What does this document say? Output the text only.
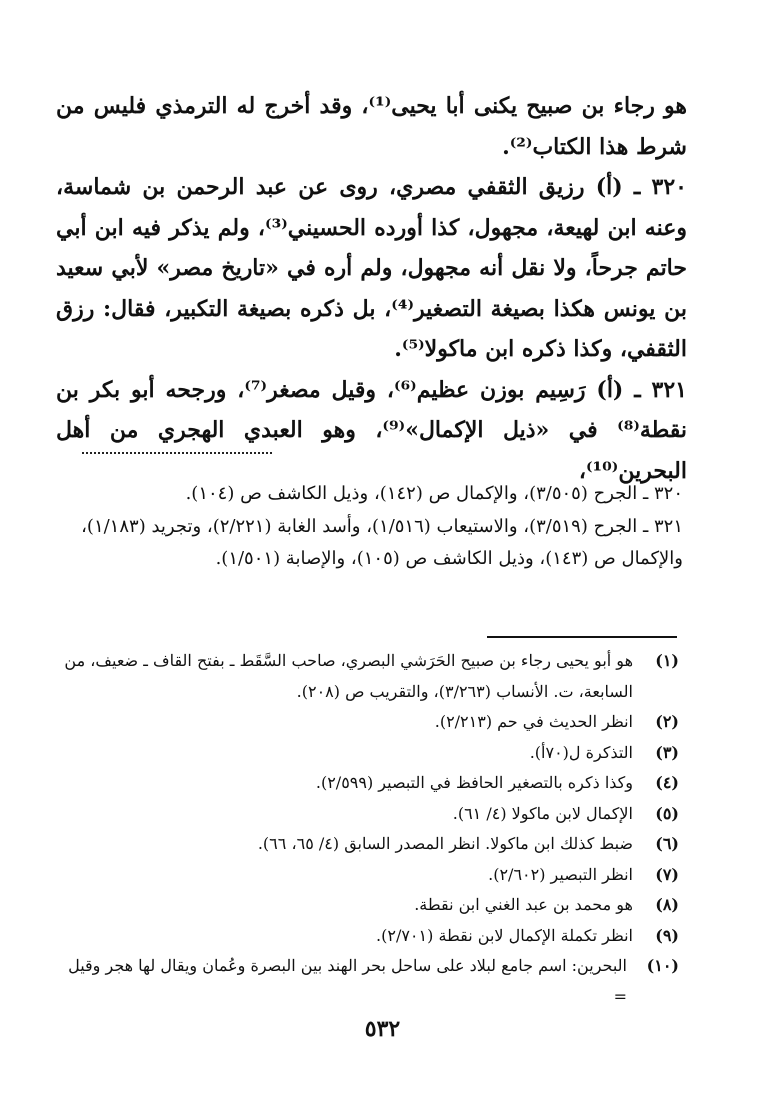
هو رجاء بن صبيح يكنى أبا يحيى⁽¹⁾، وقد أخرج له الترمذي فليس من شرط هذا الكتاب⁽²⁾.

٣٢٠ ـ (أ) رزيق الثقفي مصري، روى عن عبد الرحمن بن شماسة، وعنه ابن لهيعة، مجهول، كذا أورده الحسيني⁽³⁾، ولم يذكر فيه ابن أبي حاتم جرحاً، ولا نقل أنه مجهول، ولم أره في «تاريخ مصر» لأبي سعيد بن يونس هكذا بصيغة التصغير⁽⁴⁾، بل ذكره بصيغة التكبير، فقال: رزق الثقفي، وكذا ذكره ابن ماكولا⁽⁵⁾.

٣٢١ ـ (أ) رَسِيم بوزن عظيم⁽⁶⁾، وقيل مصغر⁽⁷⁾، ورجحه أبو بكر بن نقطة⁽⁸⁾ في «ذيل الإكمال»⁽⁹⁾، وهو العبدي الهجري من أهل البحرين⁽¹⁰⁾،

٣٢٠ ـ الجرح (٣/٥٠٥)، والإكمال ص (١٤٢)، وذيل الكاشف ص (١٠٤).

٣٢١ ـ الجرح (٣/٥١٩)، والاستيعاب (١/٥١٦)، وأسد الغابة (٢/٢٢١)، وتجريد (١/١٨٣)، والإكمال ص (١٤٣)، وذيل الكاشف ص (١٠٥)، والإصابة (١/٥٠١).

(١)
هو أبو يحيى رجاء بن صبيح الحَرَشي البصري، صاحب السَّقَط ـ بفتح القاف ـ ضعيف، من السابعة، ت. الأنساب (٣/٢٦٣)، والتقريب ص (٢٠٨).
(٢)
انظر الحديث في حم (٢/٢١٣).
(٣)
التذكرة ل(٧٠أ).
(٤)
وكذا ذكره بالتصغير الحافظ في التبصير (٢/٥٩٩).
(٥)
الإكمال لابن ماكولا (٤/ ٦١).
(٦)
ضبط كذلك ابن ماكولا. انظر المصدر السابق (٤/ ٦٥، ٦٦).
(٧)
انظر التبصير (٢/٦٠٢).
(٨)
هو محمد بن عبد الغني ابن نقطة.
(٩)
انظر تكملة الإكمال لابن نقطة (٢/٧٠١).
(١٠)
البحرين: اسم جامع لبلاد على ساحل بحر الهند بين البصرة وعُمان ويقال لها هجر وقيل =
٥٣٢
